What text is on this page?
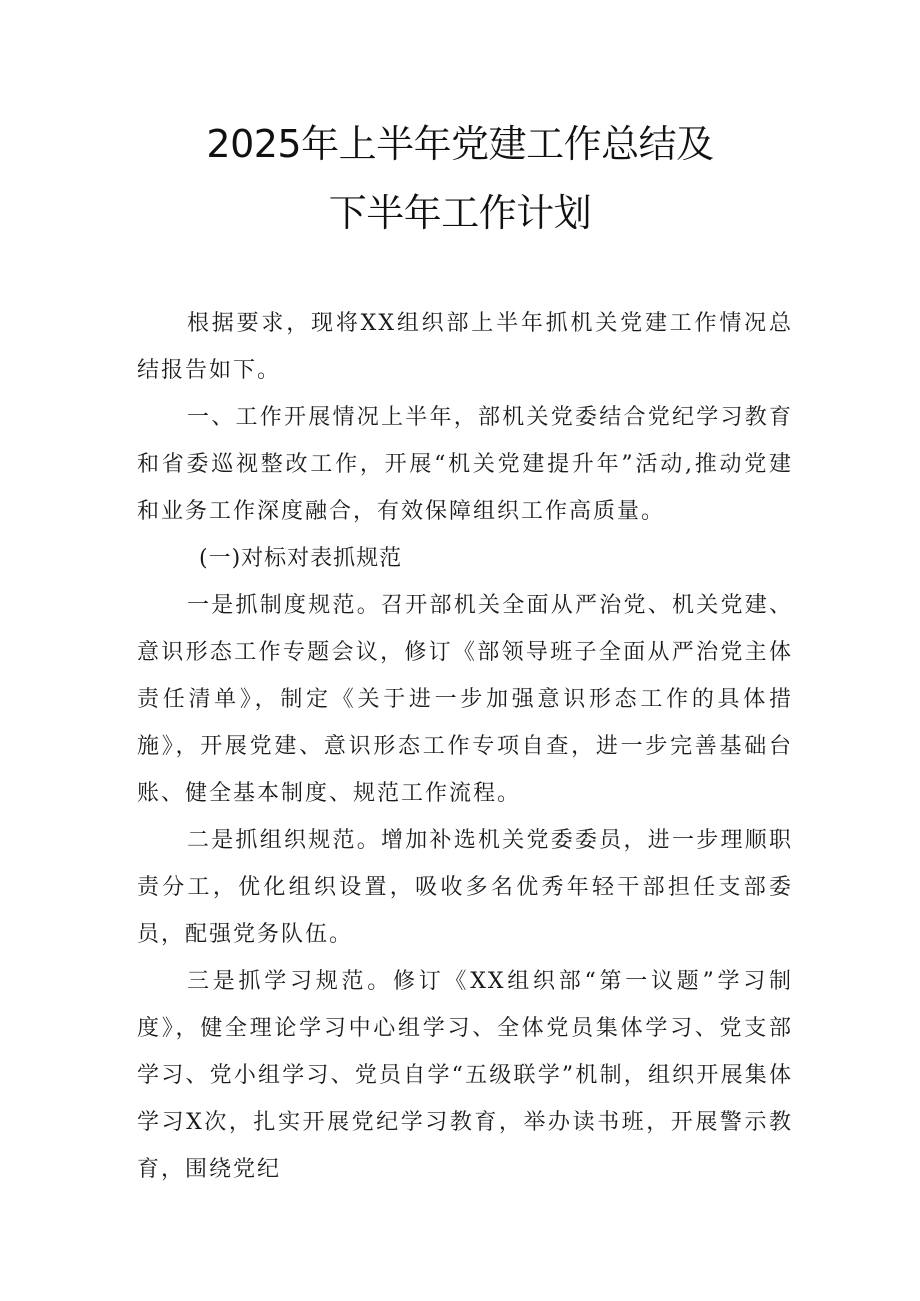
2025年上半年党建工作总结及
下半年工作计划

根据要求，现将XX组织部上半年抓机关党建工作情况总结报告如下。

一、工作开展情况上半年，部机关党委结合党纪学习教育和省委巡视整改工作，开展“机关党建提升年”活动,推动党建和业务工作深度融合，有效保障组织工作高质量。

(一)对标对表抓规范

一是抓制度规范。召开部机关全面从严治党、机关党建、意识形态工作专题会议，修订《部领导班子全面从严治党主体责任清单》，制定《关于进一步加强意识形态工作的具体措施》，开展党建、意识形态工作专项自查，进一步完善基础台账、健全基本制度、规范工作流程。

二是抓组织规范。增加补选机关党委委员，进一步理顺职责分工，优化组织设置，吸收多名优秀年轻干部担任支部委员，配强党务队伍。

三是抓学习规范。修订《XX组织部“第一议题”学习制度》，健全理论学习中心组学习、全体党员集体学习、党支部学习、党小组学习、党员自学“五级联学”机制，组织开展集体学习X次，扎实开展党纪学习教育，举办读书班，开展警示教育，围绕党纪
